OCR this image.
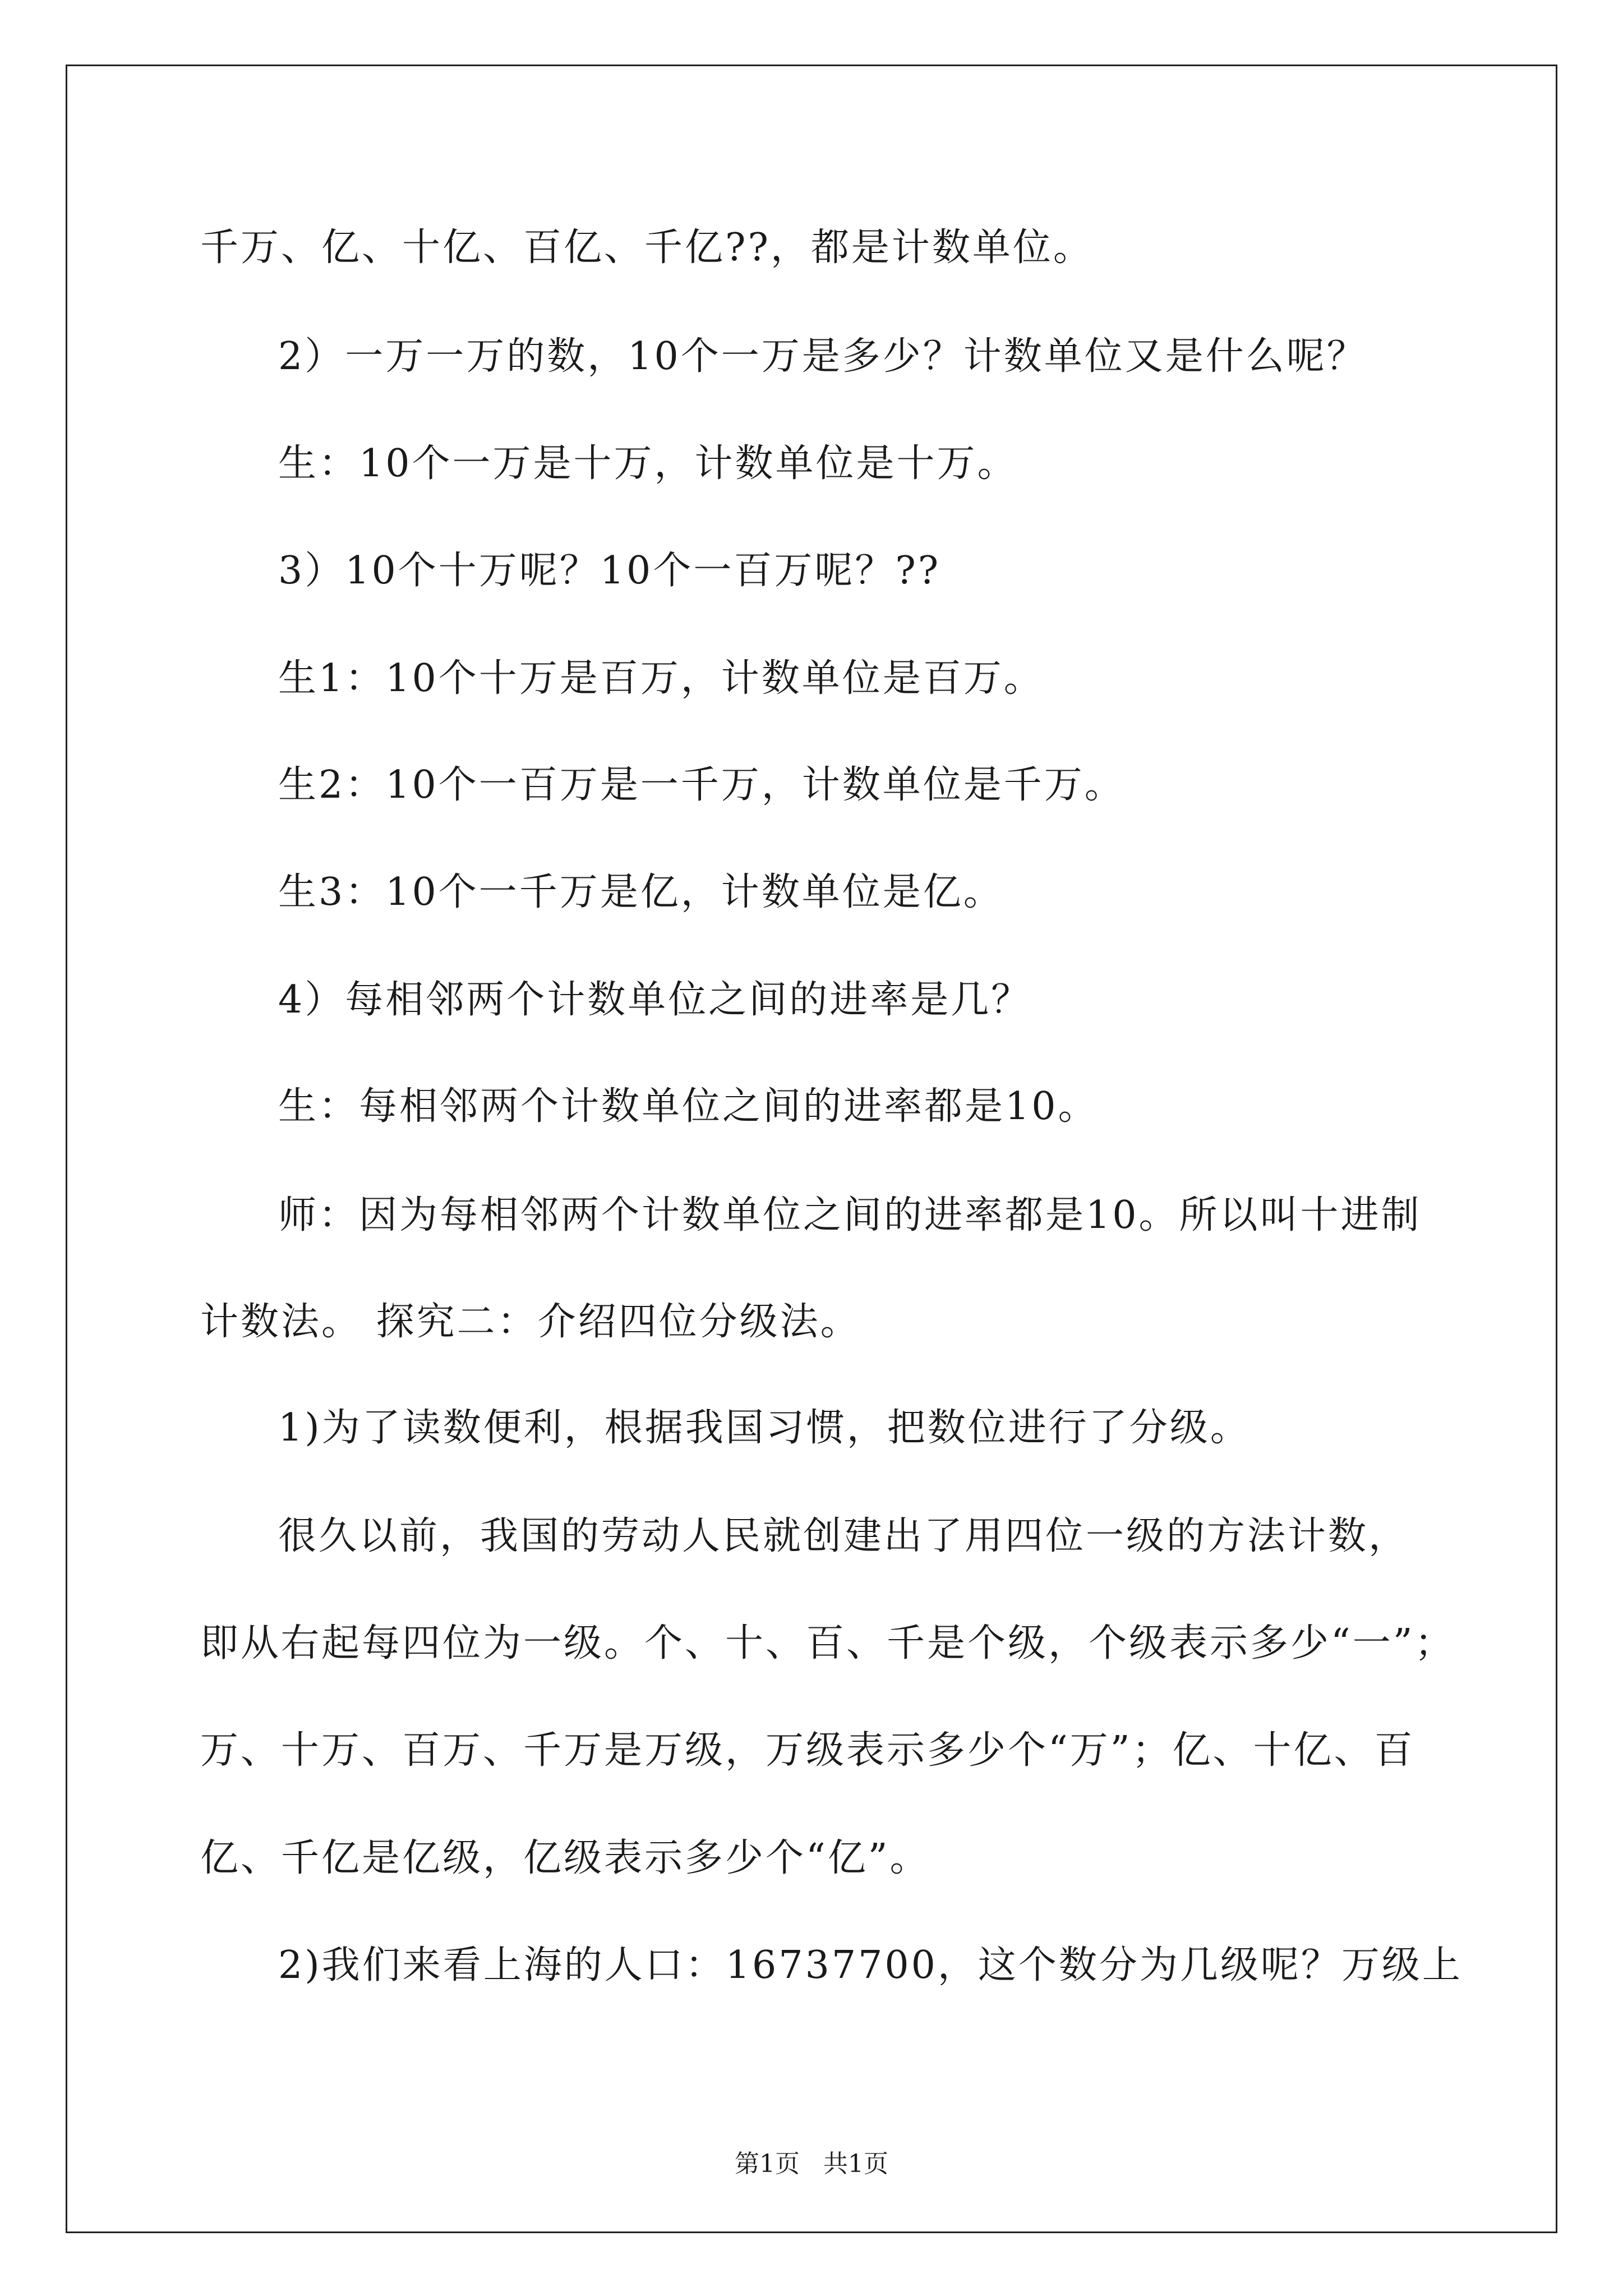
千万、亿、十亿、百亿、千亿??，都是计数单位。
2）一万一万的数，10个一万是多少？计数单位又是什么呢？
生：10个一万是十万，计数单位是十万。
3）10个十万呢？10个一百万呢？??
生1：10个十万是百万，计数单位是百万。
生2：10个一百万是一千万，计数单位是千万。
生3：10个一千万是亿，计数单位是亿。
4）每相邻两个计数单位之间的进率是几？
生：每相邻两个计数单位之间的进率都是10。
师：因为每相邻两个计数单位之间的进率都是10。所以叫十进制
计数法。 探究二：介绍四位分级法。
1)为了读数便利，根据我国习惯，把数位进行了分级。
很久以前，我国的劳动人民就创建出了用四位一级的方法计数，
即从右起每四位为一级。个、十、百、千是个级，个级表示多少“一”；
万、十万、百万、千万是万级，万级表示多少个“万”；亿、十亿、百
亿、千亿是亿级，亿级表示多少个“亿”。
2)我们来看上海的人口：16737700，这个数分为几级呢？万级上
第1页   共1页
